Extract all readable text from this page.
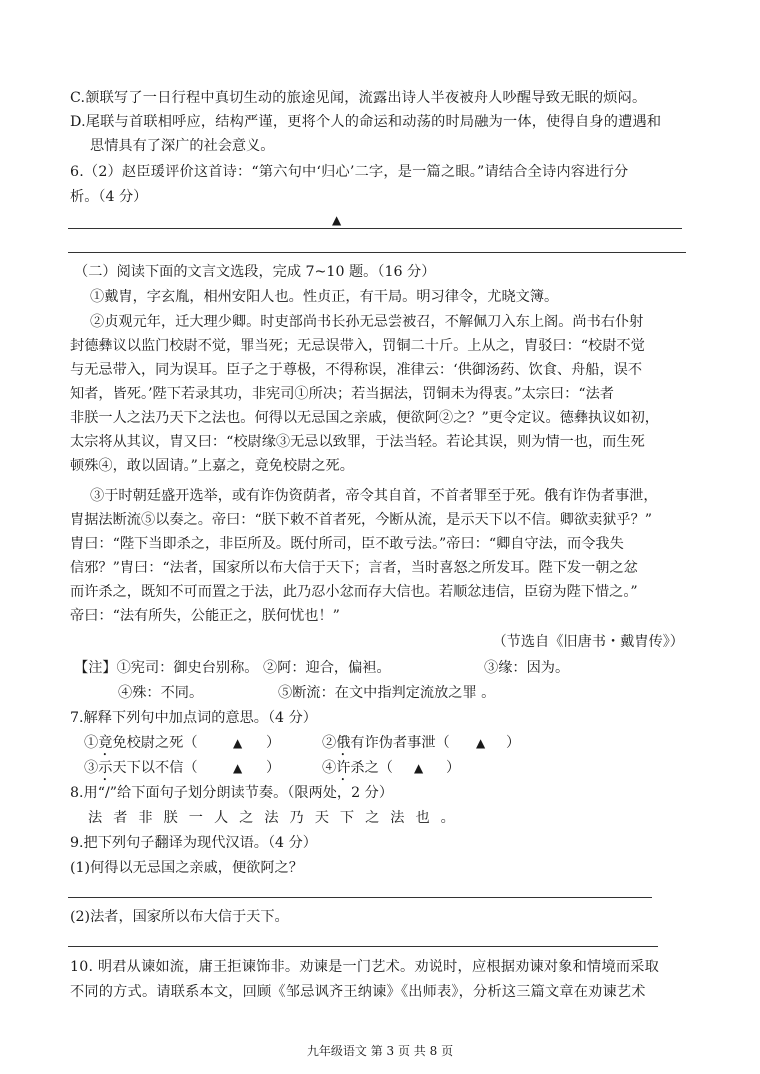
C.颔联写了一日行程中真切生动的旅途见闻，流露出诗人半夜被舟人吵醒导致无眠的烦闷。
D.尾联与首联相呼应，结构严谨，更将个人的命运和动荡的时局融为一体，使得自身的遭遇和
思情具有了深广的社会意义。
6.（2）赵臣瑗评价这首诗：“第六句中‘归心’二字，是一篇之眼。”请结合全诗内容进行分
析。（4 分）
▲
（二）阅读下面的文言文选段，完成 7~10 题。（16 分）
①戴胄，字玄胤，相州安阳人也。性贞正，有干局。明习律令，尤晓文簿。
②贞观元年，迁大理少卿。时吏部尚书长孙无忌尝被召，不解佩刀入东上阁。尚书右仆射
封德彝议以监门校尉不觉，罪当死；无忌误带入，罚铜二十斤。上从之，胄驳曰：“校尉不觉
与无忌带入，同为误耳。臣子之于尊极，不得称误，准律云：‘供御汤药、饮食、舟船，误不
知者，皆死。’陛下若录其功，非宪司①所决；若当据法，罚铜未为得衷。”太宗曰：“法者
非朕一人之法乃天下之法也。何得以无忌国之亲戚，便欲阿②之？”更令定议。德彝执议如初，
太宗将从其议，胄又曰：“校尉缘③无忌以致罪，于法当轻。若论其误，则为情一也，而生死
顿殊④，敢以固请。”上嘉之，竟免校尉之死。
③于时朝廷盛开选举，或有诈伪资荫者，帝令其自首，不首者罪至于死。俄有诈伪者事泄，
胄据法断流⑤以奏之。帝曰：“朕下敕不首者死，今断从流，是示天下以不信。卿欲卖狱乎？”
胄曰：“陛下当即杀之，非臣所及。既付所司，臣不敢亏法。”帝曰：“卿自守法，而令我失
信邪？”胄曰：“法者，国家所以布大信于天下；言者，当时喜怒之所发耳。陛下发一朝之忿
而许杀之，既知不可而置之于法，此乃忍小忿而存大信也。若顺忿违信，臣窃为陛下惜之。”
帝曰：“法有所失，公能正之，朕何忧也！”
（节选自《旧唐书・戴胄传》）
【注】①宪司：御史台别称。 ②阿：迎合，偏袒。	③缘：因为。
④殊：不同。	⑤断流：在文中指判定流放之罪 。
7.解释下列句中加点词的意思。（4 分）
①竟免校尉之死（	▲ ）	②俄有诈伪者事泄（ ▲ ）
③示天下以不信（	▲ ）	④许杀之（ ▲ ）
8.用“/”给下面句子划分朗读节奏。（限两处，2 分）
法者非朕一人之法乃天下之法也。
9.把下列句子翻译为现代汉语。（4 分）
(1)何得以无忌国之亲戚，便欲阿之？
(2)法者，国家所以布大信于天下。
10. 明君从谏如流，庸王拒谏饰非。劝谏是一门艺术。劝说时，应根据劝谏对象和情境而采取
不同的方式。请联系本文，回顾《邹忌讽齐王纳谏》《出师表》，分析这三篇文章在劝谏艺术
九年级语文 第 3 页 共 8 页
